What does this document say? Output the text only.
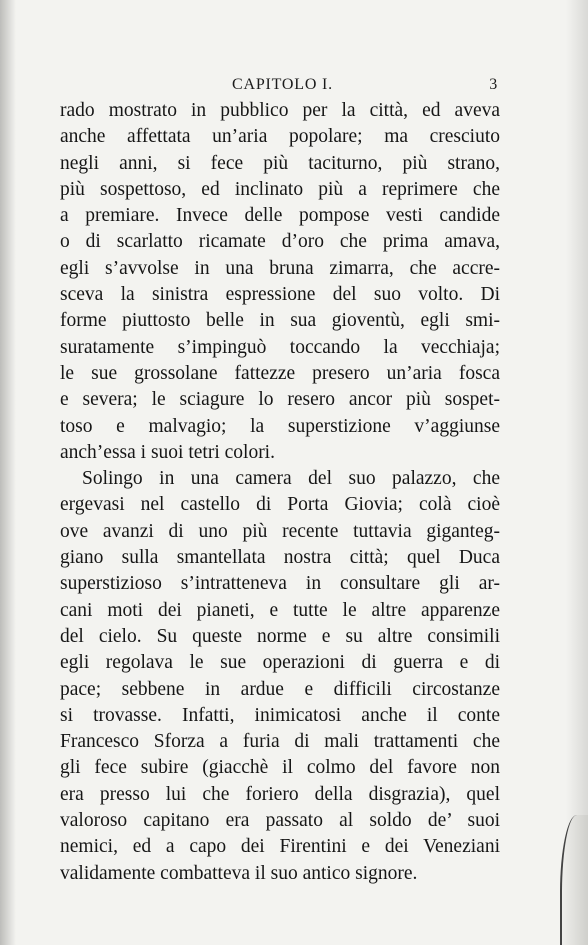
CAPITOLO I.	3
rado mostrato in pubblico per la città, ed aveva
anche affettata un’aria popolare; ma cresciuto
negli anni, si fece più taciturno, più strano,
più sospettoso, ed inclinato più a reprimere che
a premiare. Invece delle pompose vesti candide
o di scarlatto ricamate d’oro che prima amava,
egli s’avvolse in una bruna zimarra, che accre-
sceva la sinistra espressione del suo volto. Di
forme piuttosto belle in sua gioventù, egli smi-
suratamente s’impinguò toccando la vecchiaja;
le sue grossolane fattezze presero un’aria fosca
e severa; le sciagure lo resero ancor più sospet-
toso e malvagio; la superstizione v’aggiunse
anch’essa i suoi tetri colori.
Solingo in una camera del suo palazzo, che
ergevasi nel castello di Porta Giovia; colà cioè
ove avanzi di uno più recente tuttavia giganteg-
giano sulla smantellata nostra città; quel Duca
superstizioso s’intratteneva in consultare gli ar-
cani moti dei pianeti, e tutte le altre apparenze
del cielo. Su queste norme e su altre consimili
egli regolava le sue operazioni di guerra e di
pace; sebbene in ardue e difficili circostanze
si trovasse. Infatti, inimicatosi anche il conte
Francesco Sforza a furia di mali trattamenti che
gli fece subire (giacchè il colmo del favore non
era presso lui che foriero della disgrazia), quel
valoroso capitano era passato al soldo de’ suoi
nemici, ed a capo dei Firentini e dei Veneziani
validamente combatteva il suo antico signore.
